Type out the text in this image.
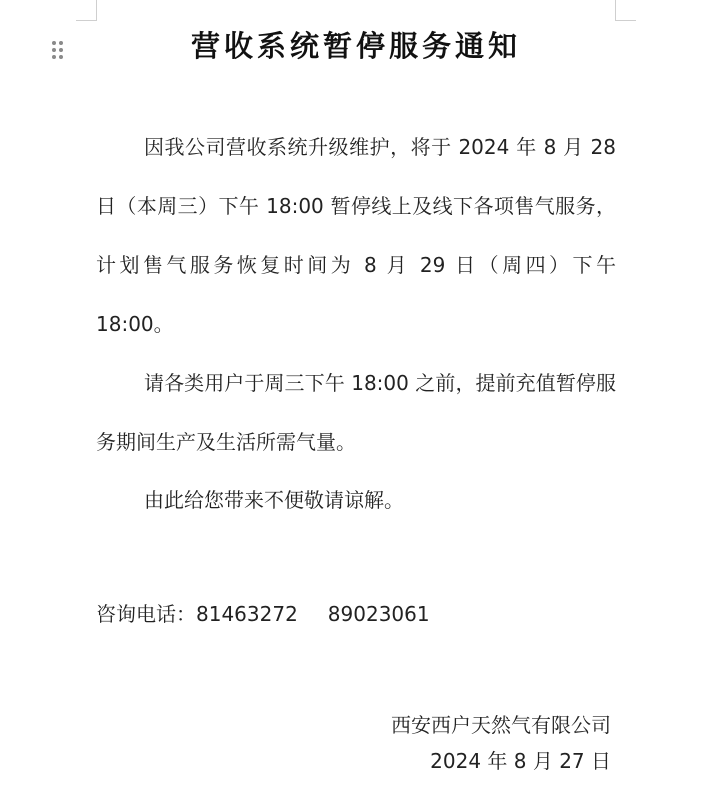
营收系统暂停服务通知

因我公司营收系统升级维护，将于 2024 年 8 月 28 日（本周三）下午 18:00 暂停线上及线下各项售气服务，计划售气服务恢复时间为 8 月 29 日（周四）下午 18:00。

请各类用户于周三下午 18:00 之前，提前充值暂停服务期间生产及生活所需气量。

由此给您带来不便敬请谅解。

咨询电话：81463272 89023061
西安西户天然气有限公司
2024 年 8 月 27 日
